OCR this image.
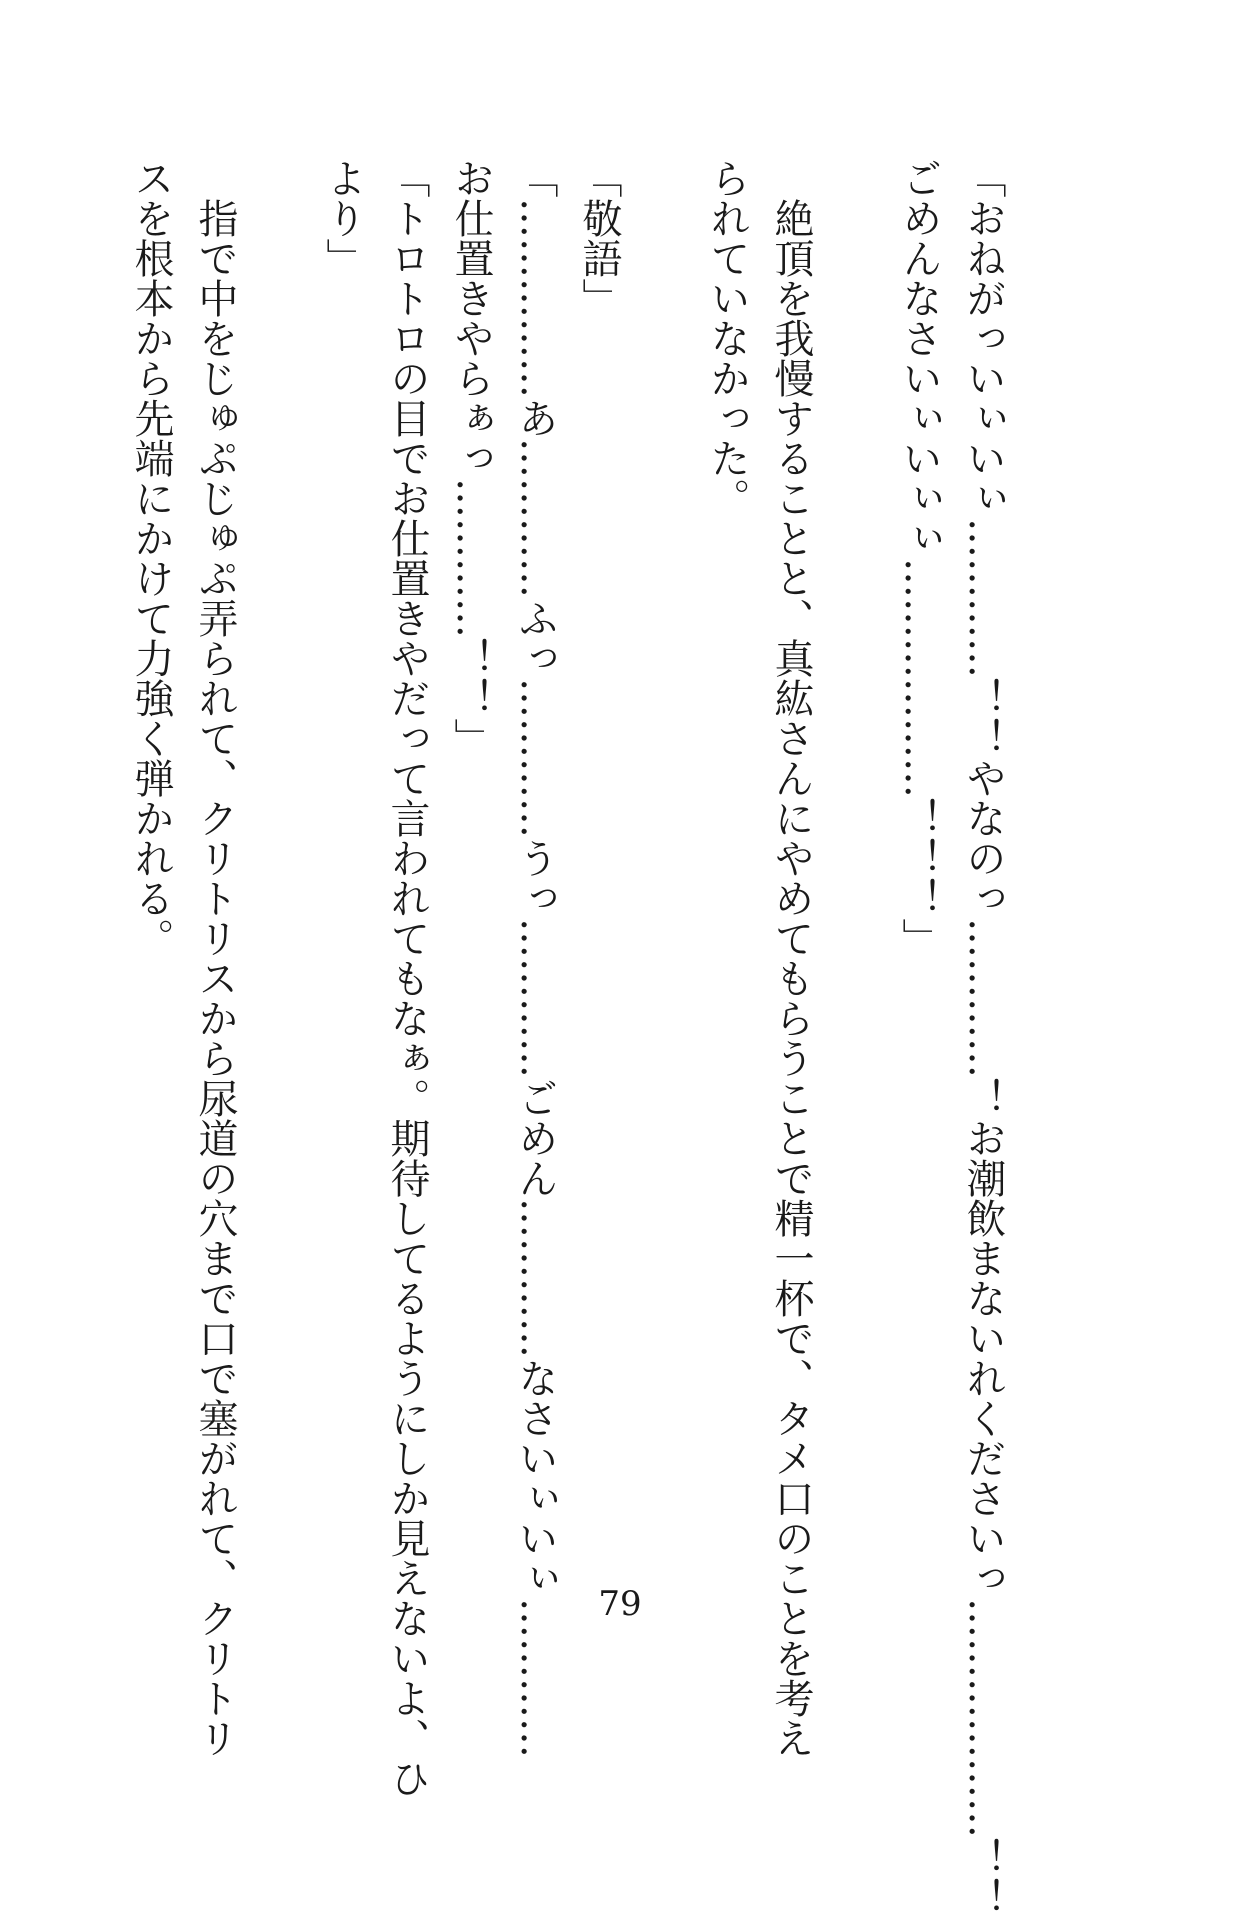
「おねがっいぃいぃ…………！！やなのっ…………！お潮飲まないれくださいっ………………！！

ごめんなさいぃいぃぃ………………！！！」

絶頂を我慢することと、真紘さんにやめてもらうことで精一杯で、タメ口のことを考え

られていなかった。

「敬語」

「……………あ…………ふっ…………うっ…………ごめん…………なさいぃいぃ…………

お仕置きやらぁっ…………！！」

「トロトロの目でお仕置きやだって言われてもなぁ。期待してるようにしか見えないよ、ひ

より」

指で中をじゅぷじゅぷ弄られて、クリトリスから尿道の穴まで口で塞がれて、クリトリ

スを根本から先端にかけて力強く弾かれる。

79
